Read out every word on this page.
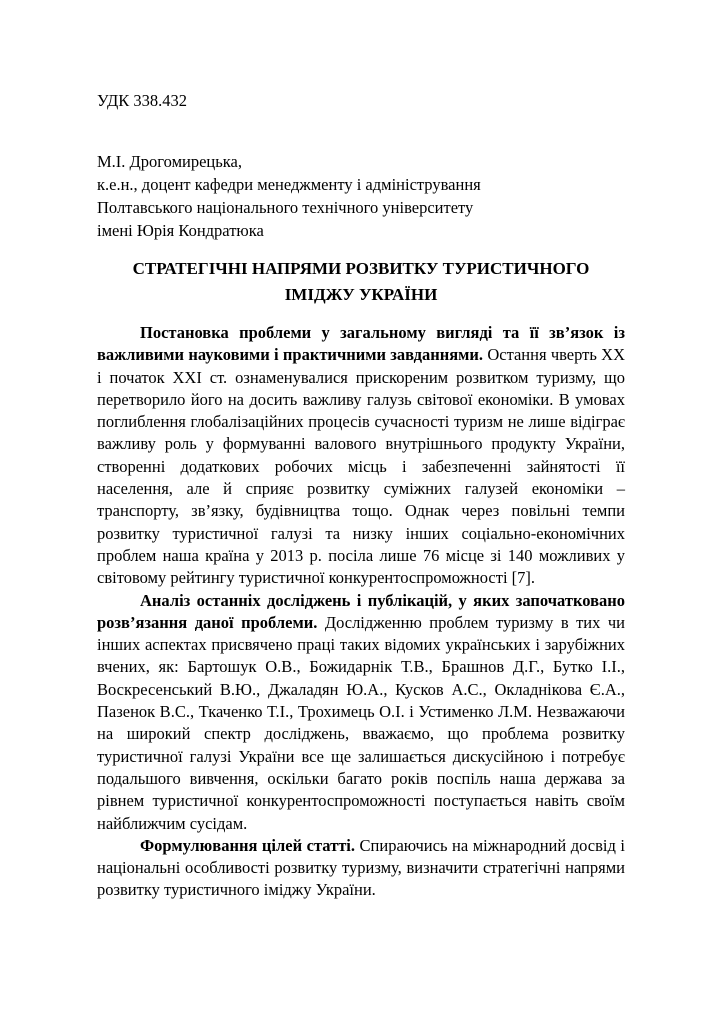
УДК 338.432

М.І. Дрогомирецька,

к.е.н., доцент кафедри менеджменту і адміністрування

Полтавського національного технічного університету

імені Юрія Кондратюка

СТРАТЕГІЧНІ НАПРЯМИ РОЗВИТКУ ТУРИСТИЧНОГО ІМІДЖУ УКРАЇНИ

Постановка проблеми у загальному вигляді та її зв’язок із важливими науковими і практичними завданнями. Остання чверть ХХ і початок ХХІ ст. ознаменувалися прискореним розвитком туризму, що перетворило його на досить важливу галузь світової економіки. В умовах поглиблення глобалізаційних процесів сучасності туризм не лише відіграє важливу роль у формуванні валового внутрішнього продукту України, створенні додаткових робочих місць і забезпеченні зайнятості її населення, але й сприяє розвитку суміжних галузей економіки – транспорту, зв’язку, будівництва тощо. Однак через повільні темпи розвитку туристичної галузі та низку інших соціально-економічних проблем наша країна у 2013 р. посіла лише 76 місце зі 140 можливих у світовому рейтингу туристичної конкурентоспроможності [7].

Аналіз останніх досліджень і публікацій, у яких започатковано розв’язання даної проблеми. Дослідженню проблем туризму в тих чи інших аспектах присвячено праці таких відомих українських і зарубіжних вчених, як: Бартошук О.В., Божидарнік Т.В., Брашнов Д.Г., Бутко І.І., Воскресенський В.Ю., Джаладян Ю.А., Кусков А.С., Окладнікова Є.А., Пазенок В.С., Ткаченко Т.І., Трохимець О.І. і Устименко Л.М. Незважаючи на широкий спектр досліджень, вважаємо, що проблема розвитку туристичної галузі України все ще залишається дискусійною і потребує подальшого вивчення, оскільки багато років поспіль наша держава за рівнем туристичної конкурентоспроможності поступається навіть своїм найближчим сусідам.

Формулювання цілей статті. Спираючись на міжнародний досвід і національні особливості розвитку туризму, визначити стратегічні напрями розвитку туристичного іміджу України.
